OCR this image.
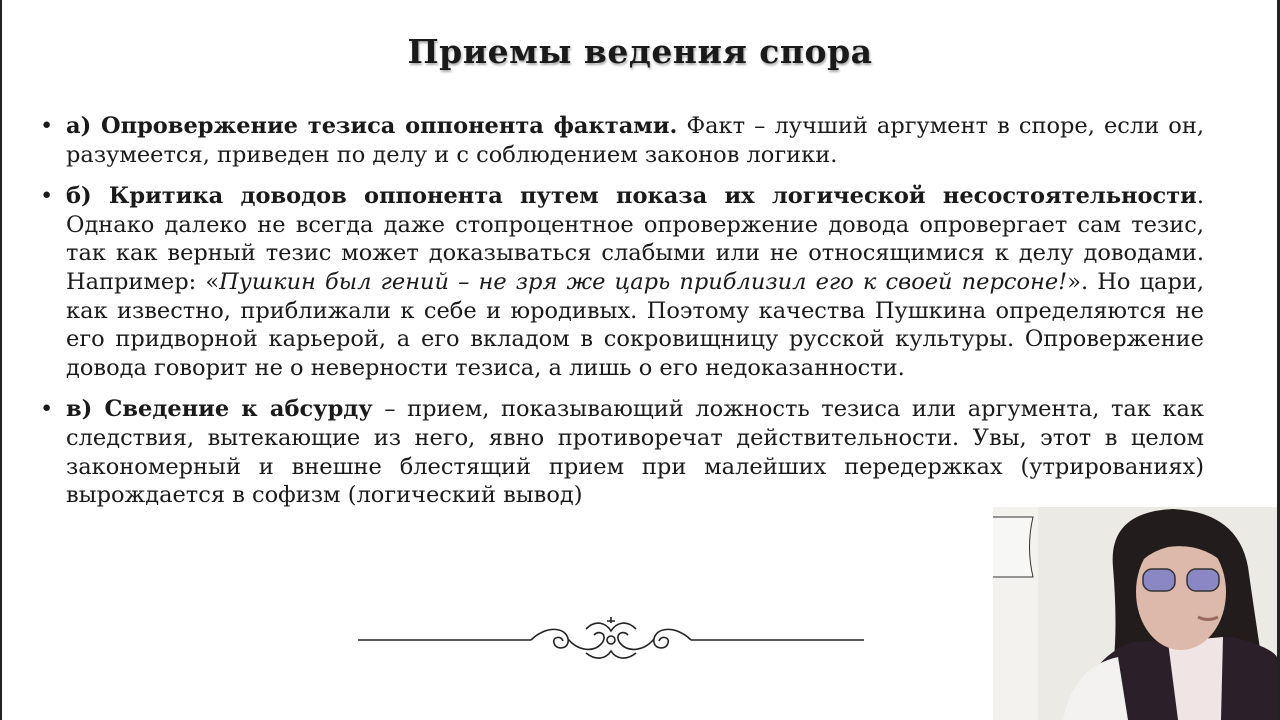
Приемы ведения спора
• а) Опровержение тезиса оппонента фактами. Факт – лучший аргумент в споре, если он, разумеется, приведен по делу и с соблюдением законов логики.
• б) Критика доводов оппонента путем показа их логической несостоятельности. Однако далеко не всегда даже стопроцентное опровержение довода опровергает сам тезис, так как верный тезис может доказываться слабыми или не относящимися к делу доводами. Например: «Пушкин был гений – не зря же царь приблизил его к своей персоне!». Но цари, как известно, приближали к себе и юродивых. Поэтому качества Пушкина определяются не его придворной карьерой, а его вкладом в сокровищницу русской культуры. Опровержение довода говорит не о неверности тезиса, а лишь о его недоказанности.
• в) Сведение к абсурду – прием, показывающий ложность тезиса или аргумента, так как следствия, вытекающие из него, явно противоречат действительности. Увы, этот в целом закономерный и внешне блестящий прием при малейших передержках (утрированиях) вырождается в софизм (логический вывод)
